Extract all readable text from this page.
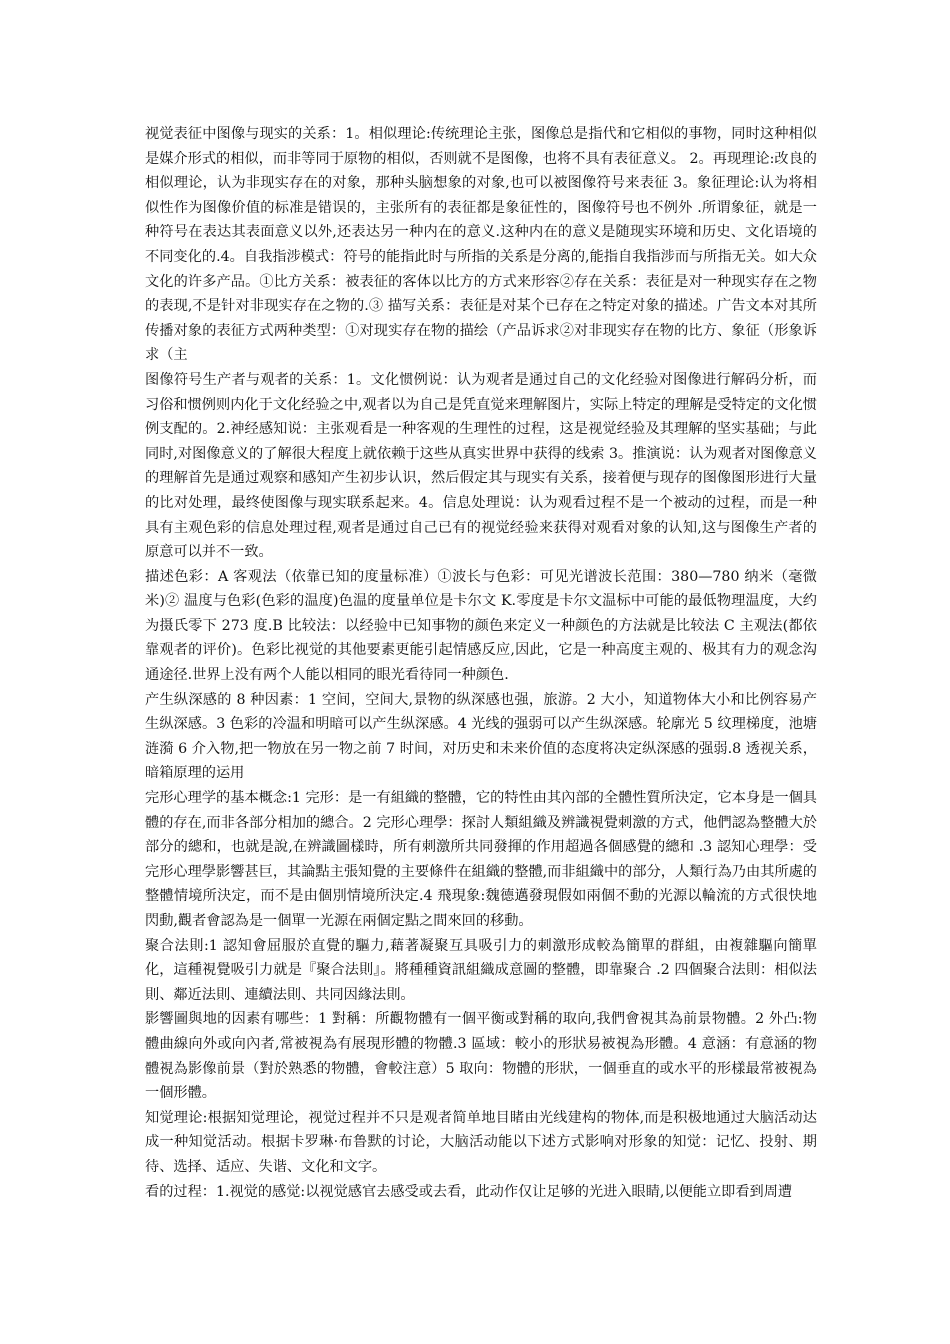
视觉表征中图像与现实的关系：1。相似理论:传统理论主张，图像总是指代和它相似的事物，同时这种相似是媒介形式的相似，而非等同于原物的相似，否则就不是图像，也将不具有表征意义。 2。再现理论:改良的相似理论，认为非现实存在的对象，那种头脑想象的对象,也可以被图像符号来表征 3。象征理论:认为将相似性作为图像价值的标准是错误的，主张所有的表征都是象征性的，图像符号也不例外 .所谓象征，就是一种符号在表达其表面意义以外,还表达另一种内在的意义.这种内在的意义是随现实环境和历史、文化语境的不同变化的.4。自我指涉模式：符号的能指此时与所指的关系是分离的,能指自我指涉而与所指无关。如大众文化的许多产品。①比方关系：被表征的客体以比方的方式来形容②存在关系：表征是对一种现实存在之物的表现,不是针对非现实存在之物的.③ 描写关系：表征是对某个已存在之特定对象的描述。广告文本对其所传播对象的表征方式两种类型：①对现实存在物的描绘（产品诉求②对非现实存在物的比方、象征（形象诉求（主

图像符号生产者与观者的关系：1。文化惯例说：认为观者是通过自己的文化经验对图像进行解码分析，而习俗和惯例则内化于文化经验之中,观者以为自己是凭直觉来理解图片，实际上特定的理解是受特定的文化惯例支配的。2.神经感知说：主张观看是一种客观的生理性的过程，这是视觉经验及其理解的坚实基础；与此同时,对图像意义的了解很大程度上就依赖于这些从真实世界中获得的线索 3。推演说：认为观者对图像意义的理解首先是通过观察和感知产生初步认识，然后假定其与现实有关系，接着便与现存的图像图形进行大量的比对处理，最终使图像与现实联系起来。4。信息处理说：认为观看过程不是一个被动的过程，而是一种具有主观色彩的信息处理过程,观者是通过自己已有的视觉经验来获得对观看对象的认知,这与图像生产者的原意可以并不一致。

描述色彩：A 客观法（依靠已知的度量标准）①波长与色彩：可见光谱波长范围：380—780 纳米（毫微米)② 温度与色彩(色彩的温度)色温的度量单位是卡尔文 K.零度是卡尔文温标中可能的最低物理温度，大约为摄氏零下 273 度.B 比较法：以经验中已知事物的颜色来定义一种颜色的方法就是比较法 C 主观法(都依靠观者的评价)。色彩比视觉的其他要素更能引起情感反应,因此，它是一种高度主观的、极其有力的观念沟通途径.世界上没有两个人能以相同的眼光看待同一种颜色.

产生纵深感的 8 种因素：1 空间，空间大,景物的纵深感也强，旅游。2 大小，知道物体大小和比例容易产生纵深感。3 色彩的冷温和明暗可以产生纵深感。4 光线的强弱可以产生纵深感。轮廓光 5 纹理梯度，池塘涟漪 6 介入物,把一物放在另一物之前 7 时间，对历史和未来价值的态度将决定纵深感的强弱.8 透视关系，暗箱原理的运用

完形心理学的基本概念:1 完形：是一有組織的整體，它的特性由其內部的全體性質所決定，它本身是一個具體的存在,而非各部分相加的總合。2 完形心理學：探討人類組織及辨識視覺刺激的方式，他們認為整體大於部分的總和，也就是說,在辨識圖樣時，所有刺激所共同發揮的作用超過各個感覺的總和 .3 認知心理學：受完形心理學影響甚巨，其論點主張知覺的主要條件在組織的整體,而非組織中的部分，人類行為乃由其所處的整體情境所決定，而不是由個別情境所決定.4 飛現象:魏德邁發現假如兩個不動的光源以輪流的方式很快地閃動,觀者會認為是一個單一光源在兩個定點之間來回的移動。

聚合法則:1 認知會屈服於直覺的驅力,藉著凝聚互具吸引力的刺激形成較為簡單的群組，由複雜驅向簡單化，這種視覺吸引力就是『聚合法則』。將種種資訊組織成意圖的整體，即靠聚合 .2 四個聚合法則：相似法則、鄰近法則、連續法則、共同因緣法則。

影響圖與地的因素有哪些：1 對稱：所觀物體有一個平衡或對稱的取向,我們會視其為前景物體。2 外凸:物體曲線向外或向內者,常被視為有展現形體的物體.3 區域：較小的形狀易被視為形體。4 意涵：有意涵的物體視為影像前景（對於熟悉的物體，會較注意）5 取向：物體的形狀，一個垂直的或水平的形樣最常被視為一個形體。

知觉理论:根据知觉理论，视觉过程并不只是观者简单地目睹由光线建构的物体,而是积极地通过大脑活动达成一种知觉活动。根据卡罗琳·布鲁默的讨论，大脑活动能以下述方式影响对形象的知觉：记忆、投射、期待、选择、适应、失谐、文化和文字。

看的过程：1.视觉的感觉:以视觉感官去感受或去看，此动作仅让足够的光进入眼睛,以便能立即看到周遭
